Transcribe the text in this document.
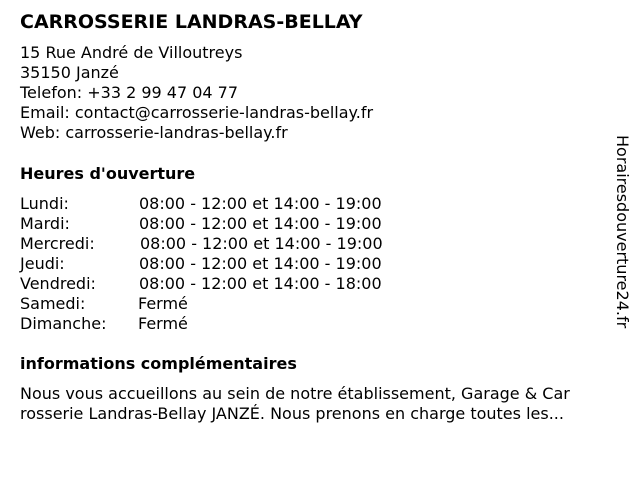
CARROSSERIE LANDRAS-BELLAY
15 Rue André de Villoutreys
35150 Janzé
Telefon: +33 2 99 47 04 77
Email: contact@carrosserie-landras-bellay.fr
Web: carrosserie-landras-bellay.fr
Heures d'ouverture
Lundi:	08:00 - 12:00 et 14:00 - 19:00
Mardi:	08:00 - 12:00 et 14:00 - 19:00
Mercredi:	08:00 - 12:00 et 14:00 - 19:00
Jeudi:	08:00 - 12:00 et 14:00 - 19:00
Vendredi:	08:00 - 12:00 et 14:00 - 18:00
Samedi:	Fermé
Dimanche: Fermé
informations complémentaires
Nous vous accueillons au sein de notre établissement, Garage & Car
rosserie Landras-Bellay JANZÉ. Nous prenons en charge toutes les...
Horairesdouverture24.fr
